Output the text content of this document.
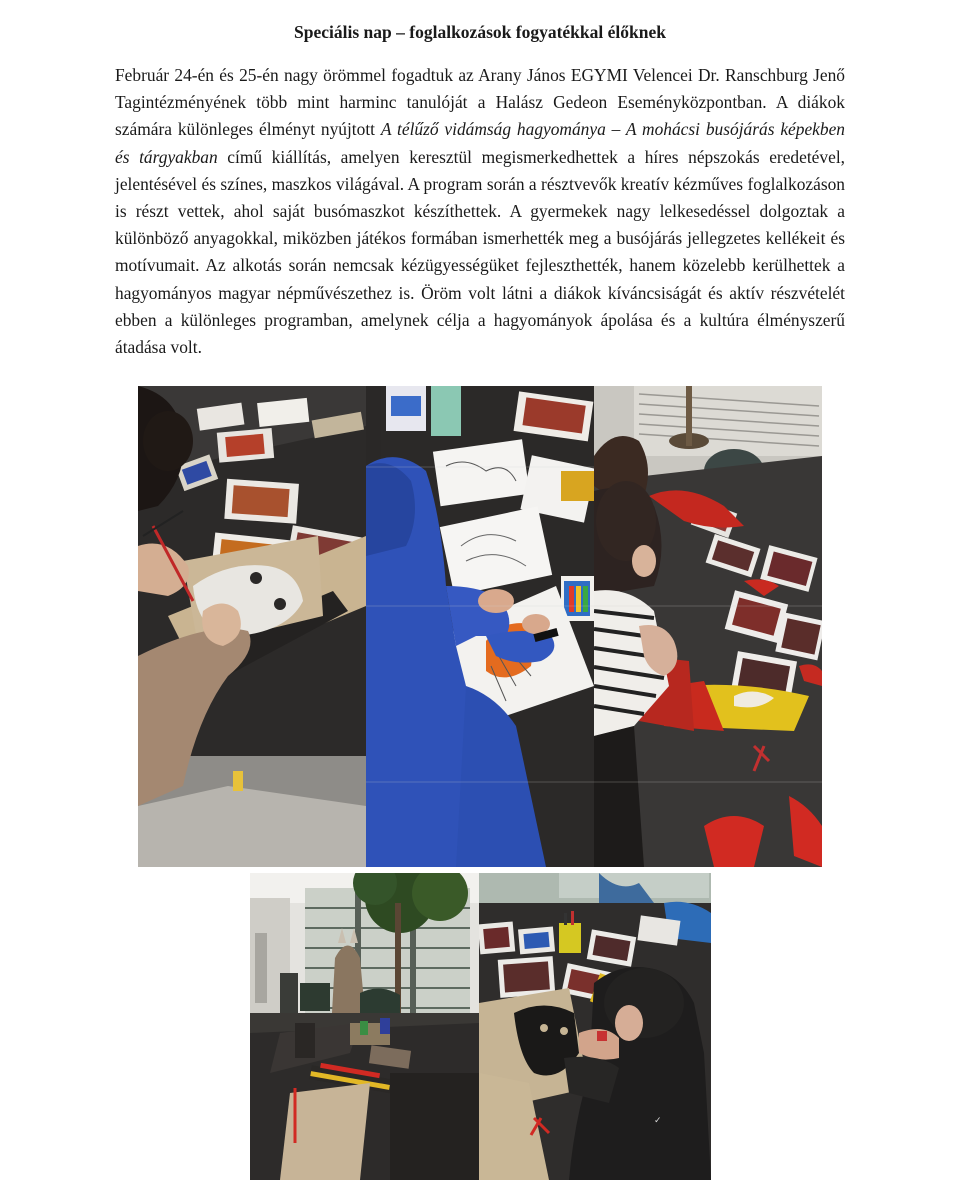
Speciális nap – foglalkozások fogyatékkal élőknek

Február 24-én és 25-én nagy örömmel fogadtuk az Arany János EGYMI Velencei Dr. Ranschburg Jenő Tagintézményének több mint harminc tanulóját a Halász Gedeon Eseményközpontban. A diákok számára különleges élményt nyújtott A télűző vidámság hagyománya – A mohácsi busójárás képekben és tárgyakban című kiállítás, amelyen keresztül megismerkedhettek a híres népszokás eredetével, jelentésével és színes, maszkos világával. A program során a résztvevők kreatív kézműves foglalkozáson is részt vettek, ahol saját busómaszkot készíthettek. A gyermekek nagy lelkesedéssel dolgoztak a különböző anyagokkal, miközben játékos formában ismerhették meg a busójárás jellegzetes kellékeit és motívumait. Az alkotás során nemcsak kézügyességüket fejleszthették, hanem közelebb kerülhettek a hagyományos magyar népművészethez is. Öröm volt látni a diákok kíváncsiságát és aktív részvételét ebben a különleges programban, amelynek célja a hagyományok ápolása és a kultúra élményszerű átadása volt.

✓
